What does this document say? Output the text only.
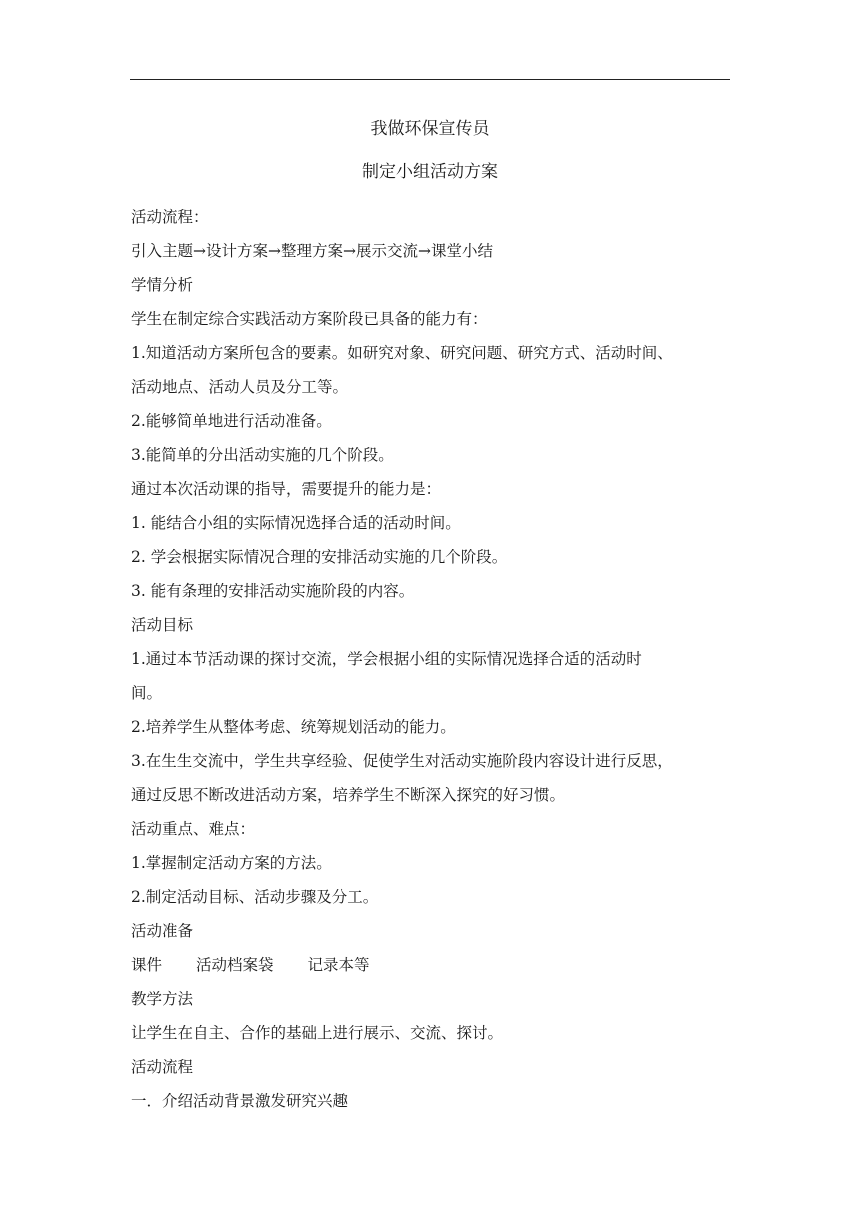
我做环保宣传员
制定小组活动方案
活动流程：
引入主题→设计方案→整理方案→展示交流→课堂小结
学情分析
学生在制定综合实践活动方案阶段已具备的能力有：
1.知道活动方案所包含的要素。如研究对象、研究问题、研究方式、活动时间、
活动地点、活动人员及分工等。
2.能够简单地进行活动准备。
3.能简单的分出活动实施的几个阶段。
通过本次活动课的指导，需要提升的能力是：
1. 能结合小组的实际情况选择合适的活动时间。
2. 学会根据实际情况合理的安排活动实施的几个阶段。
3. 能有条理的安排活动实施阶段的内容。
活动目标
1.通过本节活动课的探讨交流，学会根据小组的实际情况选择合适的活动时
间。
2.培养学生从整体考虑、统筹规划活动的能力。
3.在生生交流中，学生共享经验、促使学生对活动实施阶段内容设计进行反思，
通过反思不断改进活动方案，培养学生不断深入探究的好习惯。
活动重点、难点：
1.掌握制定活动方案的方法。
2.制定活动目标、活动步骤及分工。
活动准备
课件 活动档案袋 记录本等
教学方法
让学生在自主、合作的基础上进行展示、交流、探讨。
活动流程
一．介绍活动背景激发研究兴趣
